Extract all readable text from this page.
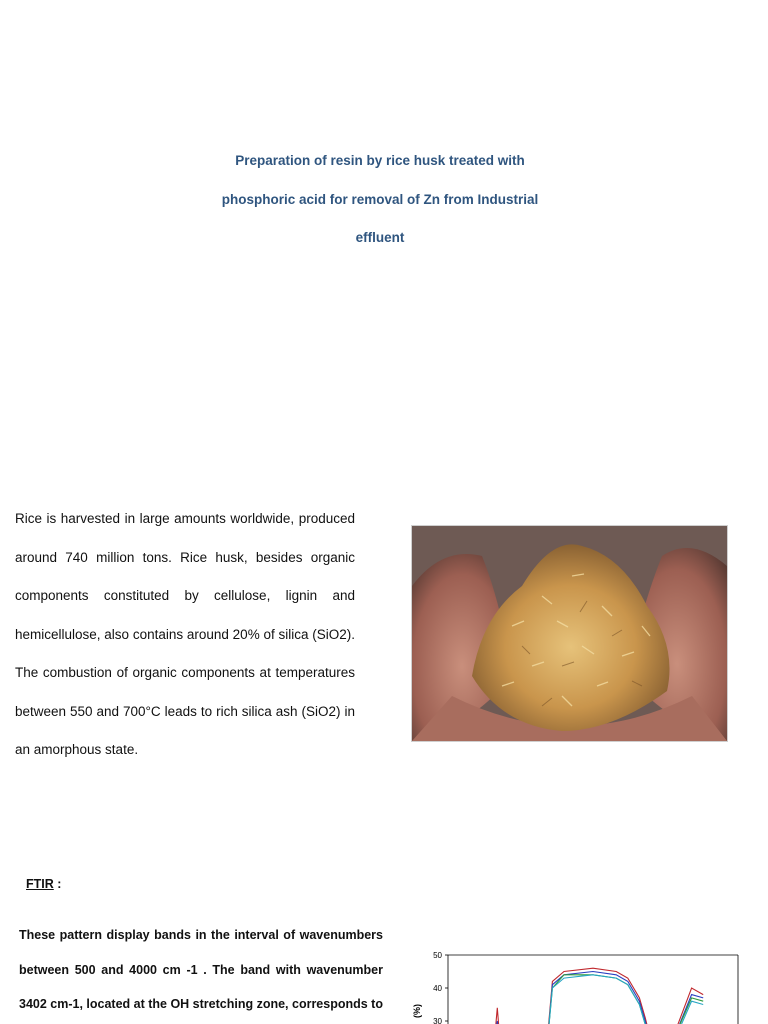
Preparation of resin by rice husk treated with
phosphoric acid for removal of Zn from Industrial
effluent

Rice is harvested in large amounts worldwide, produced around 740 million tons. Rice husk, besides organic components constituted by cellulose, lignin and hemicellulose, also contains around 20% of silica (SiO2). The combustion of organic components at temperatures between 550 and 700°C leads to rich silica ash (SiO2) in an amorphous state.

FTIR :

These pattern display bands in the interval of wavenumbers between 500 and 4000 cm -1 . The band with wavenumber 3402 cm-1, located at the OH stretching zone, corresponds to

50
40
30
(%)
